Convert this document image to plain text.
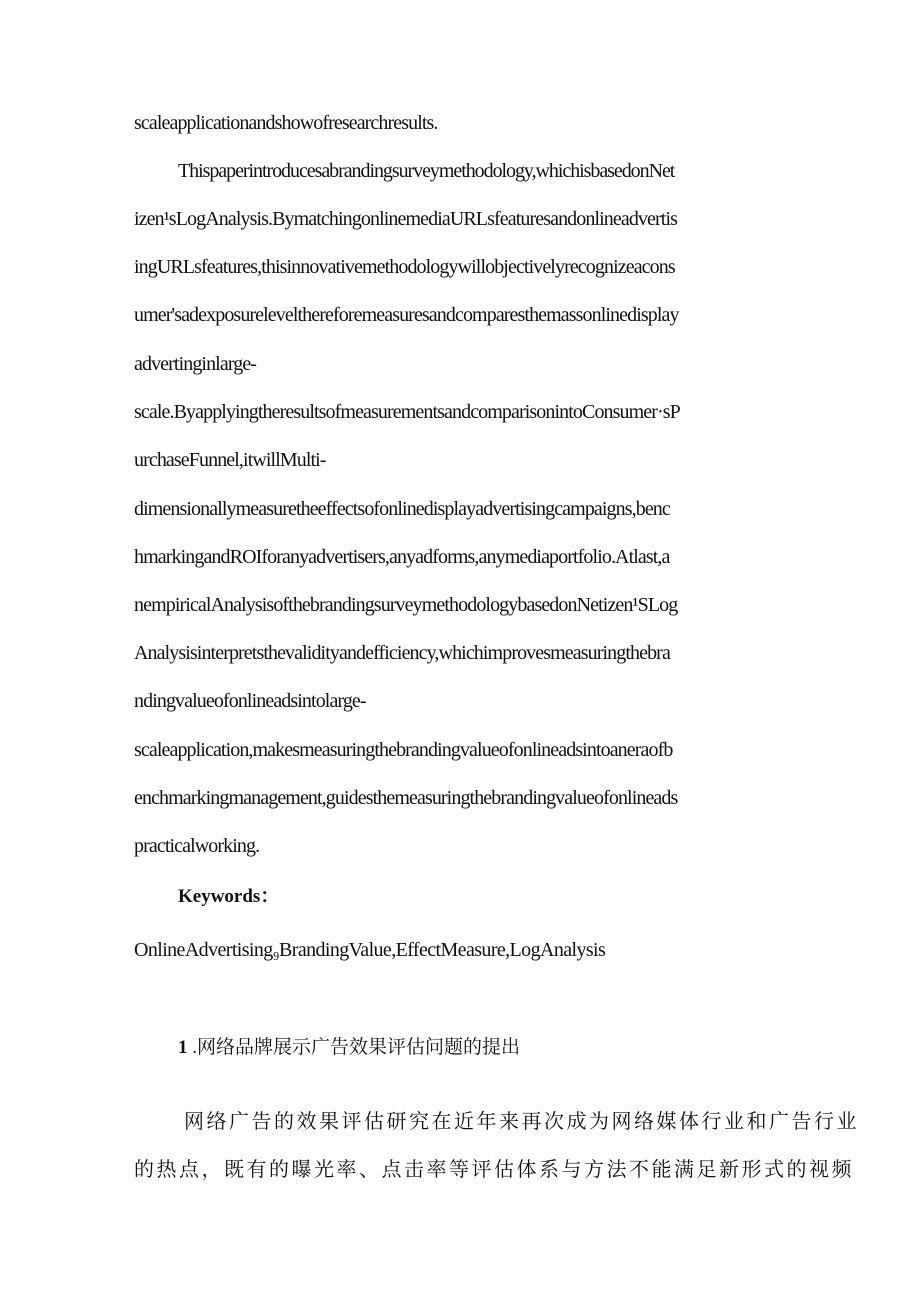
scaleapplicationandshowofresearchresults.
Thispaperintroducesabrandingsurveymethodology,whichisbasedonNet
izen¹sLogAnalysis.BymatchingonlinemediaURLsfeaturesandonlineadvertis
ingURLsfeatures,thisinnovativemethodologywillobjectivelyrecognizeacons
umer'sadexposurelevelthereforemeasuresandcomparesthemassonlinedisplay
advertinginlarge-
scale.ByapplyingtheresultsofmeasurementsandcomparisonintoConsumer·sP
urchaseFunnel,itwillMulti-
dimensionallymeasuretheeffectsofonlinedisplayadvertisingcampaigns,benc
hmarkingandROIforanyadvertisers,anyadforms,anymediaportfolio.Atlast,a
nempiricalAnalysisofthebrandingsurveymethodologybasedonNetizen¹SLog
Analysisinterpretsthevalidityandefficiency,whichimprovesmeasuringthebra
ndingvalueofonlineadsintolarge-
scaleapplication,makesmeasuringthebrandingvalueofonlineadsintoaneraofb
enchmarkingmanagement,guidesthemeasuringthebrandingvalueofonlineads
practicalworking.
Keywords：
OnlineAdvertising₉BrandingValue,EffectMeasure,LogAnalysis
1 .网络品牌展示广告效果评估问题的提出
网络广告的效果评估研究在近年来再次成为网络媒体行业和广告行业
的热点，既有的曝光率、点击率等评估体系与方法不能满足新形式的视频
